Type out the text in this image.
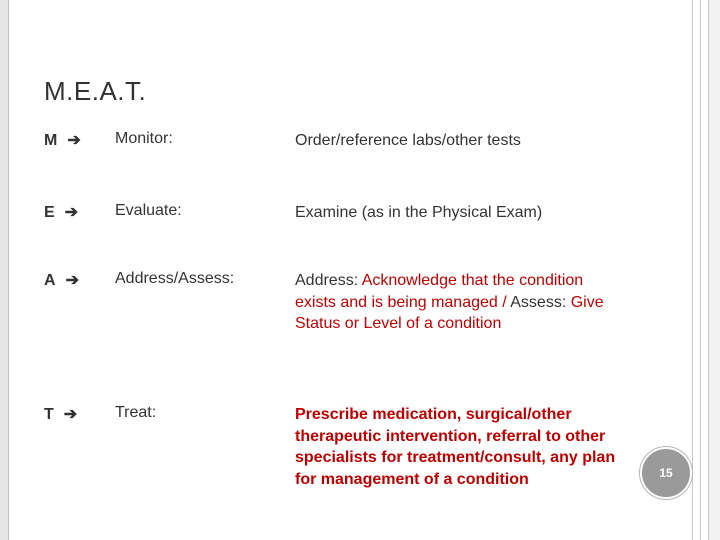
M.E.A.T.
M ➔ Monitor:	Order/reference labs/other tests
E ➔ Evaluate:	Examine (as in the Physical Exam)
A ➔ Address/Assess:	Address: Acknowledge that the condition exists and is being managed / Assess: Give Status or Level of a condition
T ➔ Treat:	Prescribe medication, surgical/other therapeutic intervention, referral to other specialists for treatment/consult, any plan for management of a condition	15
